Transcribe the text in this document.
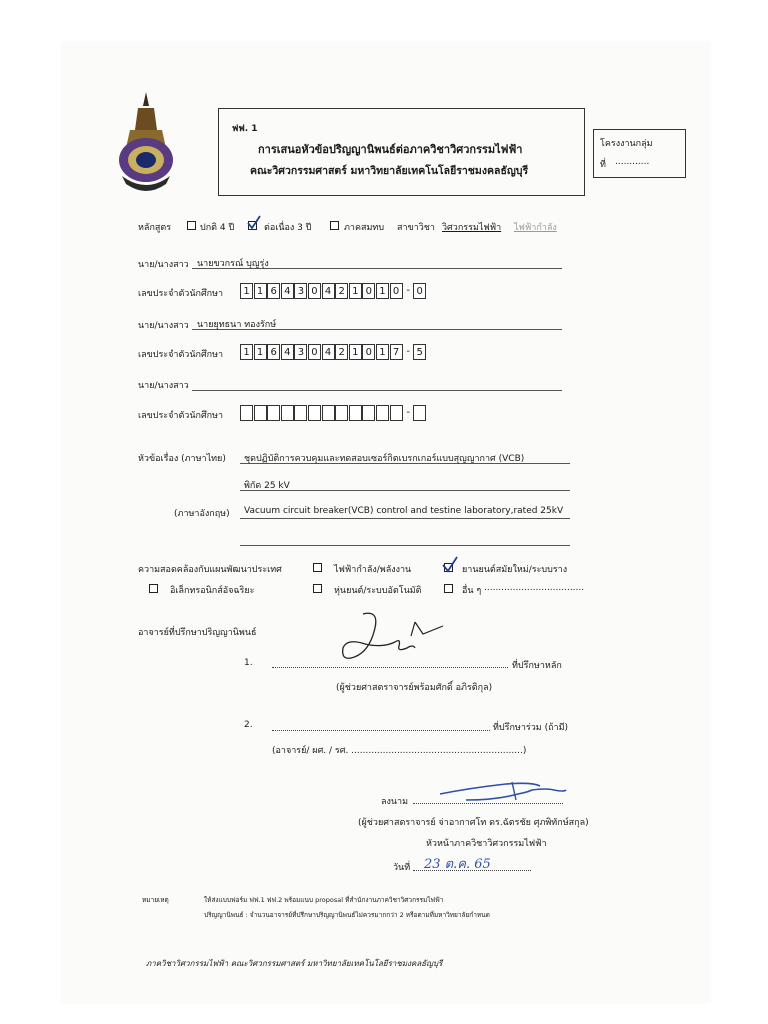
ฟฟ. 1
การเสนอหัวข้อปริญญานิพนธ์ต่อภาควิชาวิศวกรรมไฟฟ้า
คณะวิศวกรรมศาสตร์ มหาวิทยาลัยเทคโนโลยีราชมงคลธัญบุรี
โครงงานกลุ่ม
ที่ ............
หลักสูตร	ปกติ 4 ปี	ต่อเนื่อง 3 ปี	ภาคสมทบ สาขาวิชา วิศวกรรมไฟฟ้า ไฟฟ้ากำลัง
นาย/นางสาว นายขวกรณ์ บุญรุ่ง
เลขประจำตัวนักศึกษา	1 1 6 4 3 0 4 2 1 0 1 0 - 0
นาย/นางสาว นายยุทธนา ทองรักษ์
เลขประจำตัวนักศึกษา	1 1 6 4 3 0 4 2 1 0 1 7 - 5
นาย/นางสาว
เลขประจำตัวนักศึกษา	-
หัวข้อเรื่อง (ภาษาไทย) ชุดปฏิบัติการควบคุมและทดสอบเซอร์กิตเบรกเกอร์แบบสุญญากาศ (VCB)
พิกัด 25 kV
(ภาษาอังกฤษ) Vacuum circuit breaker(VCB) control and testine laboratory,rated 25kV
ความสอดคล้องกับแผนพัฒนาประเทศ	ไฟฟ้ากำลัง/พลังงาน	ยานยนต์สมัยใหม่/ระบบราง
อิเล็กทรอนิกส์อัจฉริยะ	หุ่นยนต์/ระบบอัตโนมัติ	อื่น ๆ ...................................
อาจารย์ที่ปรึกษาปริญญานิพนธ์
1.	ที่ปรึกษาหลัก
(ผู้ช่วยศาสตราจารย์พร้อมศักดิ์ อภิรติกุล)
2.	ที่ปรึกษาร่วม (ถ้ามี)
(อาจารย์/ ผศ. / รศ. ............................................................)
ลงนาม
(ผู้ช่วยศาสตราจารย์ จ่าอากาศโท ดร.ฉัตรชัย ศุภพิทักษ์สกุล)
หัวหน้าภาควิชาวิศวกรรมไฟฟ้า
วันที่ 23 ต.ค. 65
หมายเหตุ	ให้ส่งแบบฟอร์ม ฟฟ.1 ฟฟ.2 พร้อมแนบ proposal ที่สำนักงานภาควิชาวิศวกรรมไฟฟ้า
ปริญญานิพนธ์ : จำนวนอาจารย์ที่ปรึกษาปริญญานิพนธ์ไม่ควรมากกว่า 2 หรือตามที่มหาวิทยาลัยกำหนด
ภาควิชาวิศวกรรมไฟฟ้า คณะวิศวกรรมศาสตร์ มหาวิทยาลัยเทคโนโลยีราชมงคลธัญบุรี
